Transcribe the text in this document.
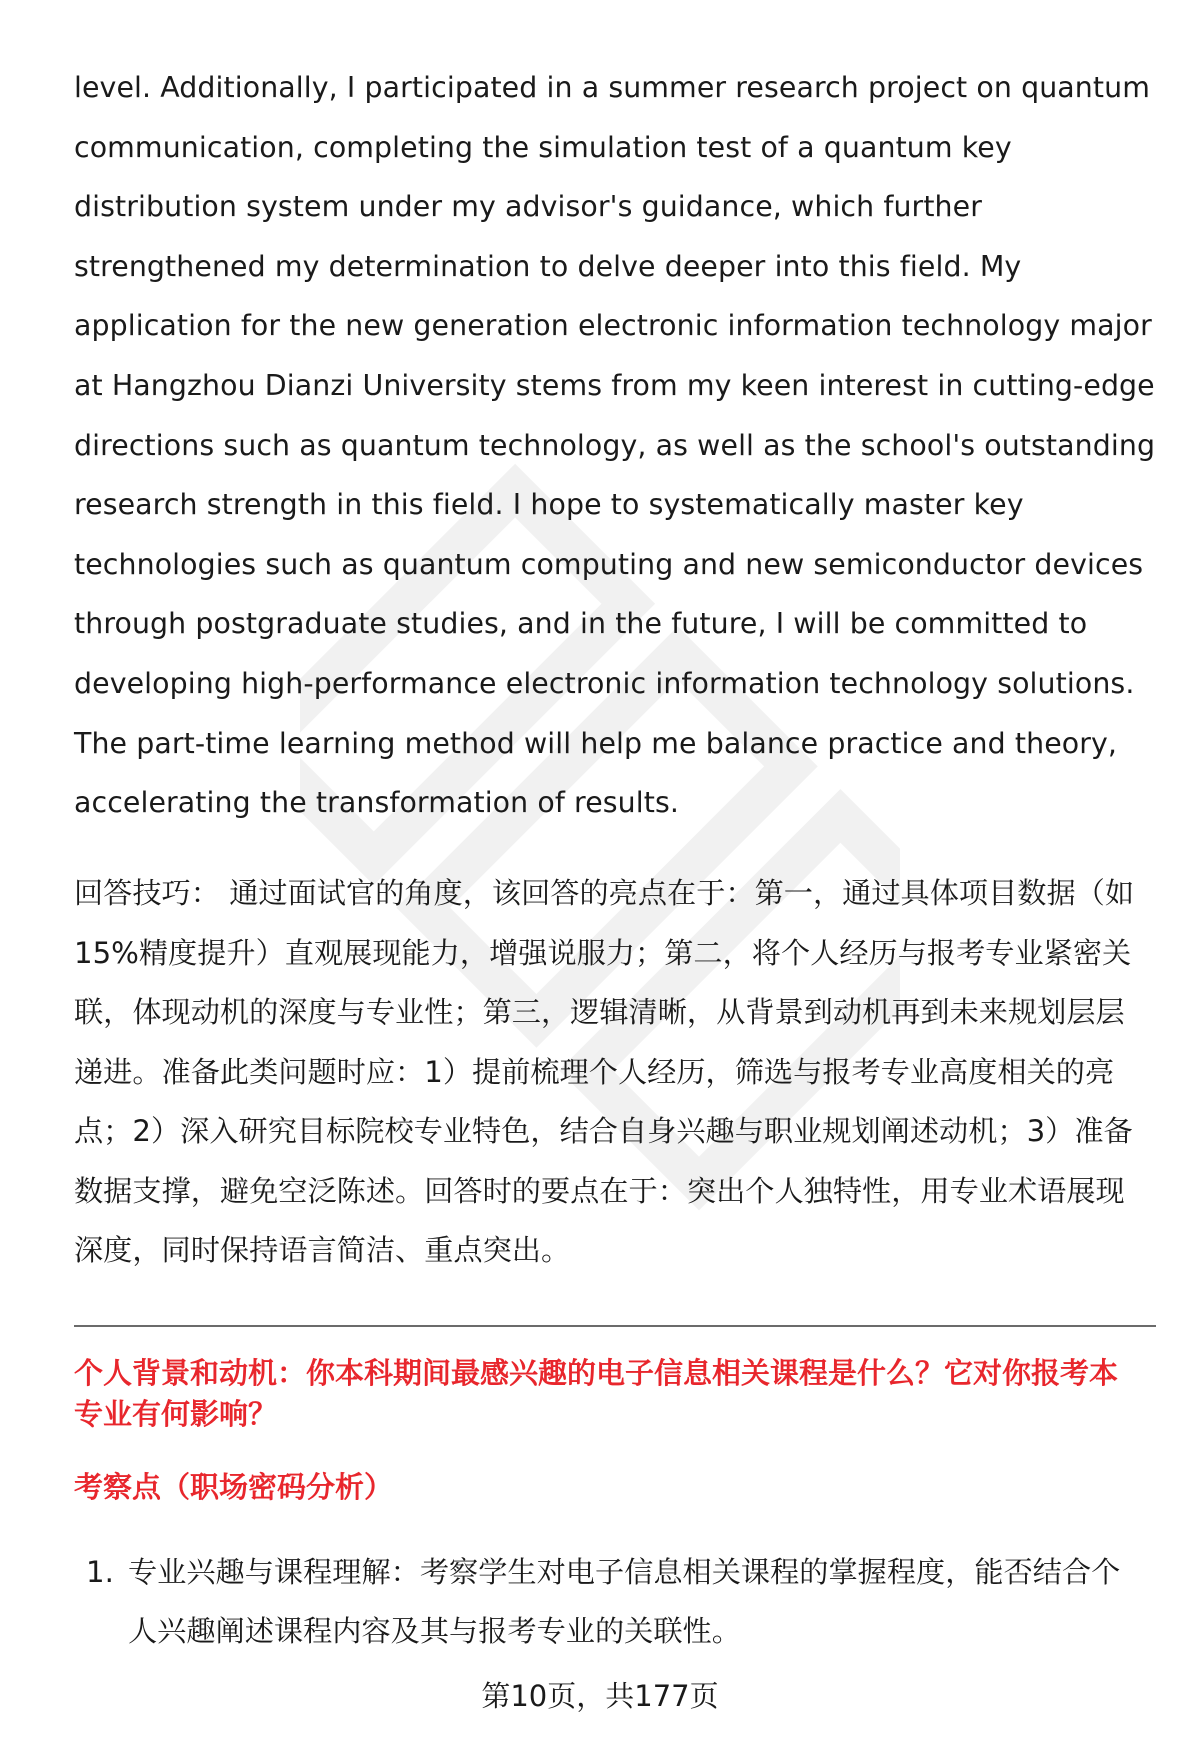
level. Additionally, I participated in a summer research project on quantum
communication, completing the simulation test of a quantum key
distribution system under my advisor's guidance, which further
strengthened my determination to delve deeper into this field. My
application for the new generation electronic information technology major
at Hangzhou Dianzi University stems from my keen interest in cutting-edge
directions such as quantum technology, as well as the school's outstanding
research strength in this field. I hope to systematically master key
technologies such as quantum computing and new semiconductor devices
through postgraduate studies, and in the future, I will be committed to
developing high-performance electronic information technology solutions.
The part-time learning method will help me balance practice and theory,
accelerating the transformation of results.

回答技巧： 通过面试官的角度，该回答的亮点在于：第一，通过具体项目数据（如
15%精度提升）直观展现能力，增强说服力；第二，将个人经历与报考专业紧密关
联，体现动机的深度与专业性；第三，逻辑清晰，从背景到动机再到未来规划层层
递进。准备此类问题时应：1）提前梳理个人经历，筛选与报考专业高度相关的亮
点；2）深入研究目标院校专业特色，结合自身兴趣与职业规划阐述动机；3）准备
数据支撑，避免空泛陈述。回答时的要点在于：突出个人独特性，用专业术语展现
深度，同时保持语言简洁、重点突出。

个人背景和动机：你本科期间最感兴趣的电子信息相关课程是什么？它对你报考本
专业有何影响？
考察点（职场密码分析）
1. 专业兴趣与课程理解：考察学生对电子信息相关课程的掌握程度，能否结合个
人兴趣阐述课程内容及其与报考专业的关联性。
第10页，共177页
